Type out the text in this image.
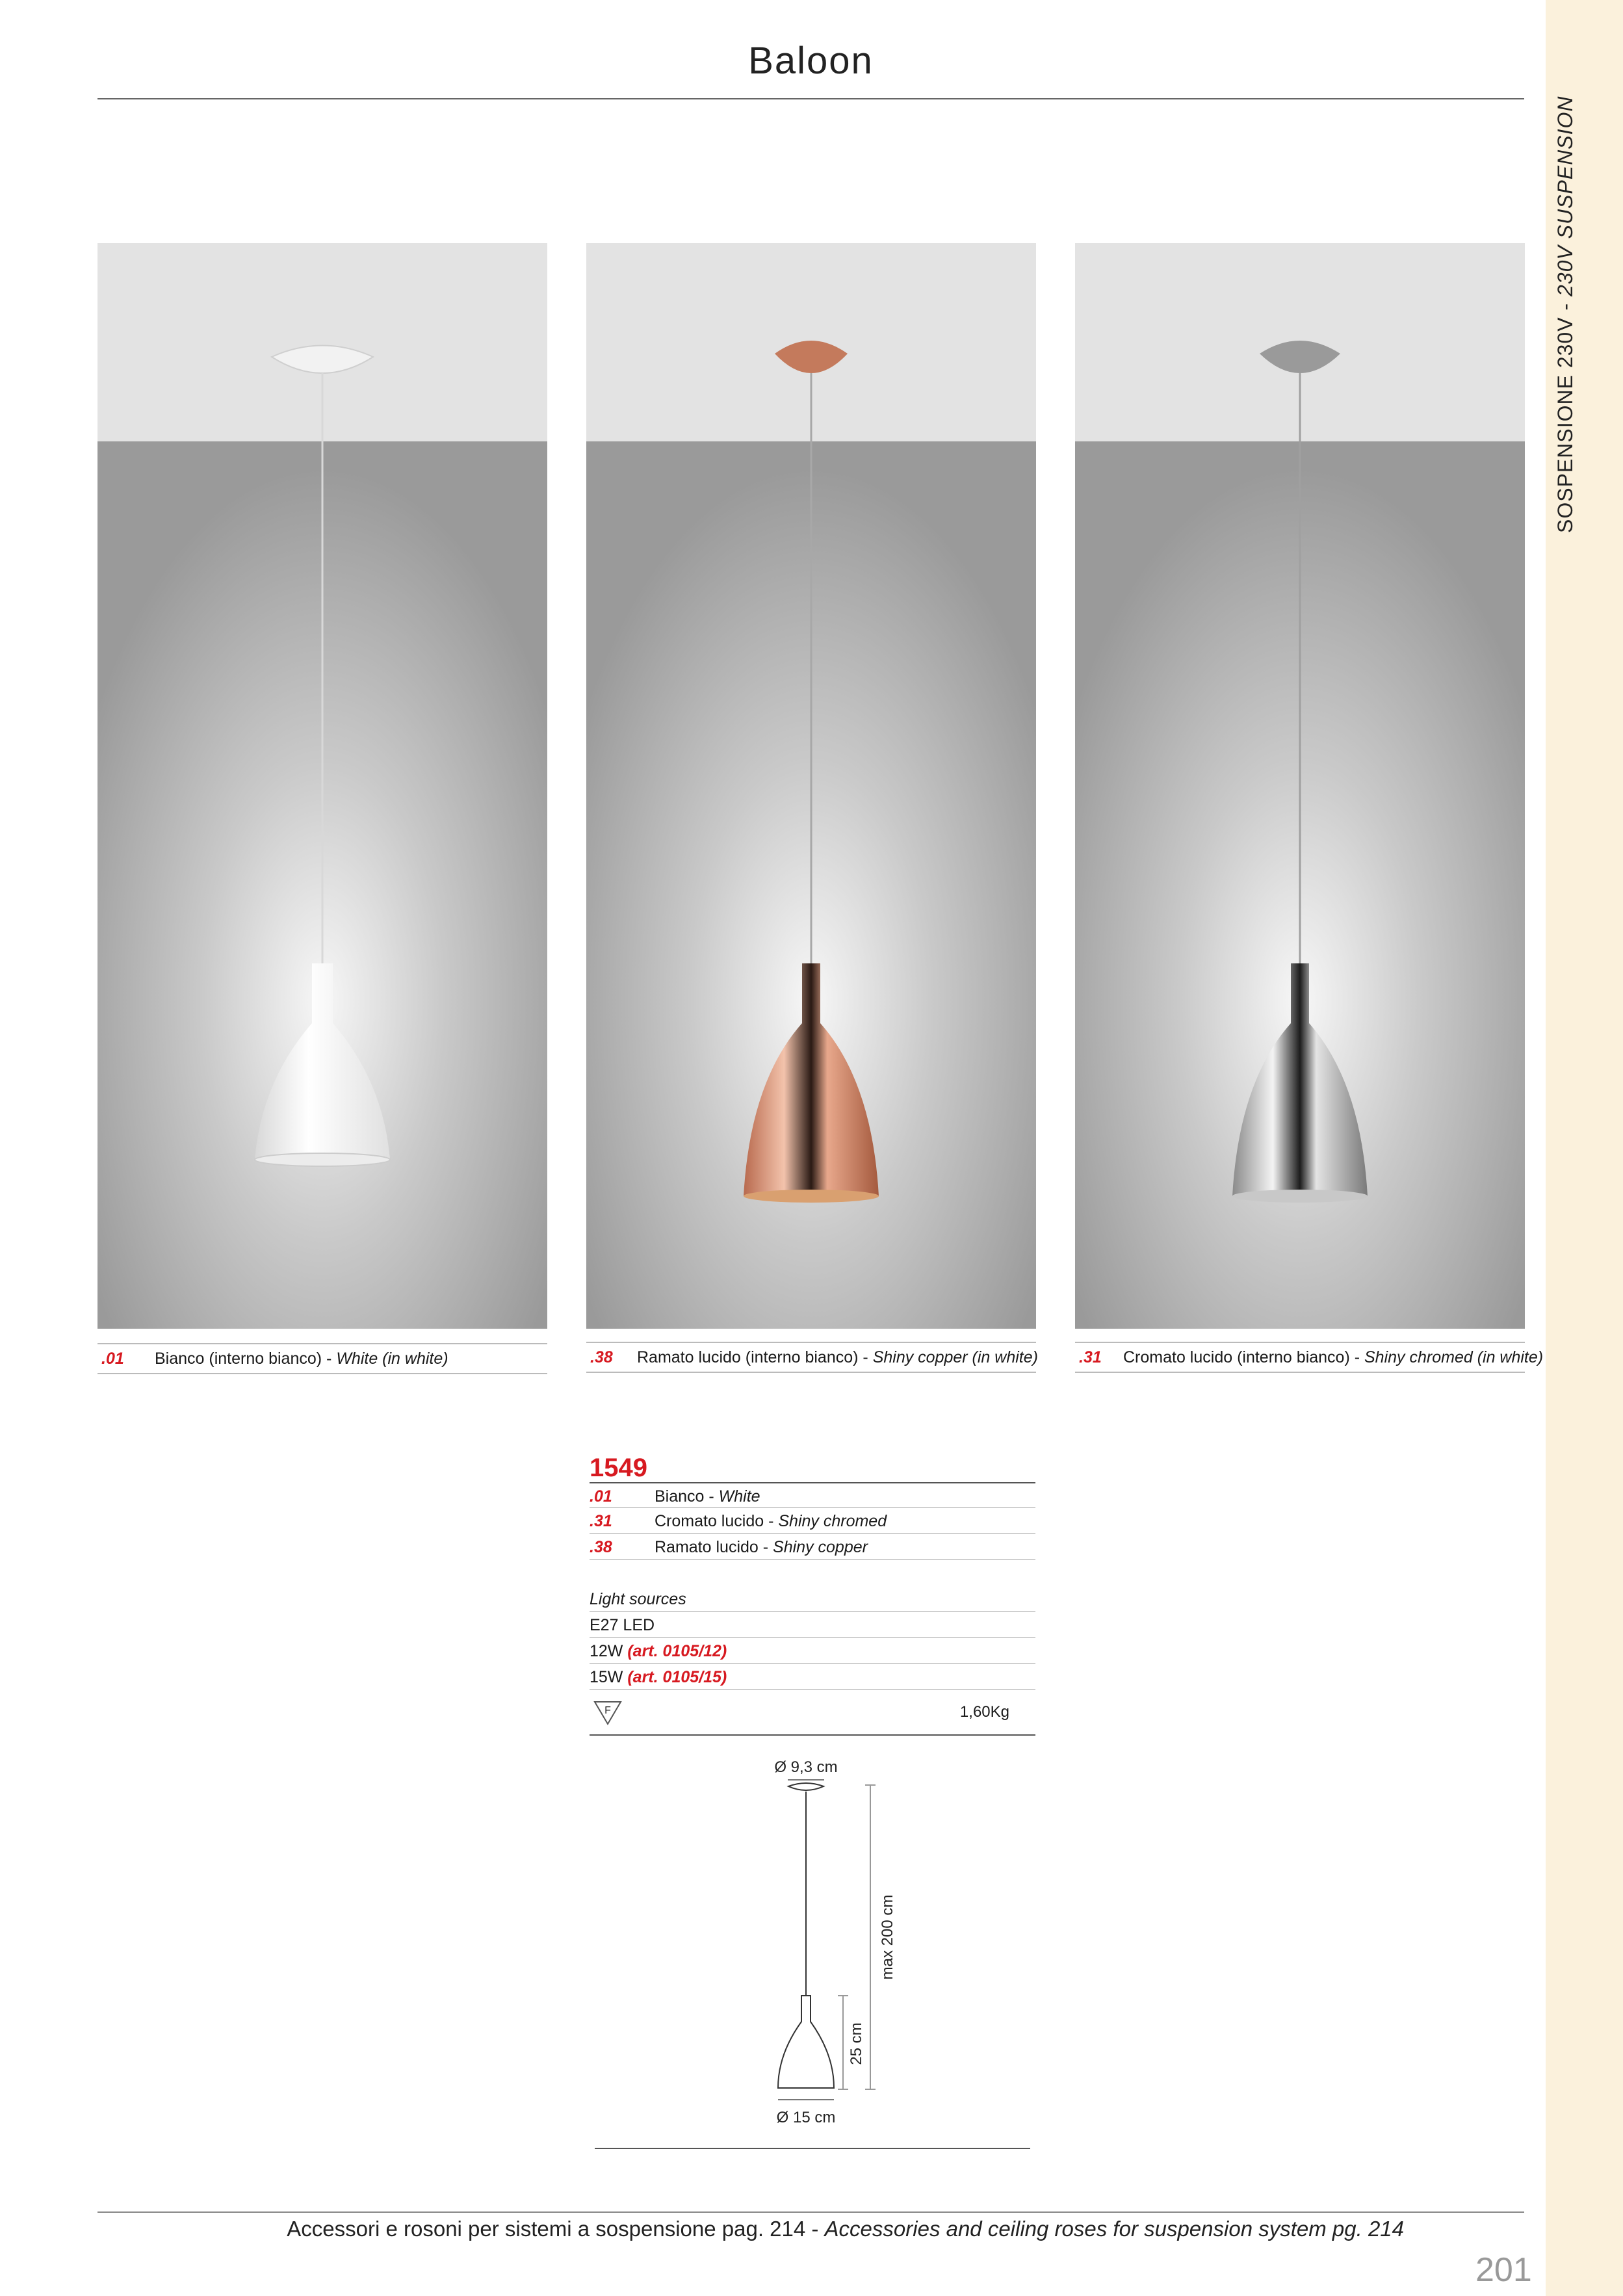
SOSPENSIONE 230V - 230V SUSPENSION
Baloon
.01 Bianco (interno bianco) - White (in white)	.38 Ramato lucido (interno bianco) - Shiny copper (in white)	.31 Cromato lucido (interno bianco) - Shiny chromed (in white)
1549
.01	Bianco - White
.31	Cromato lucido - Shiny chromed
.38	Ramato lucido - Shiny copper
Light sources
E27 LED
12W (art. 0105/12)
15W (art. 0105/15)
F	1,60Kg
Ø 9,3 cm
Ø 15 cm
max 200 cm
25 cm
Accessori e rosoni per sistemi a sospensione pag. 214 - Accessories and ceiling roses for suspension system pg. 214
201
